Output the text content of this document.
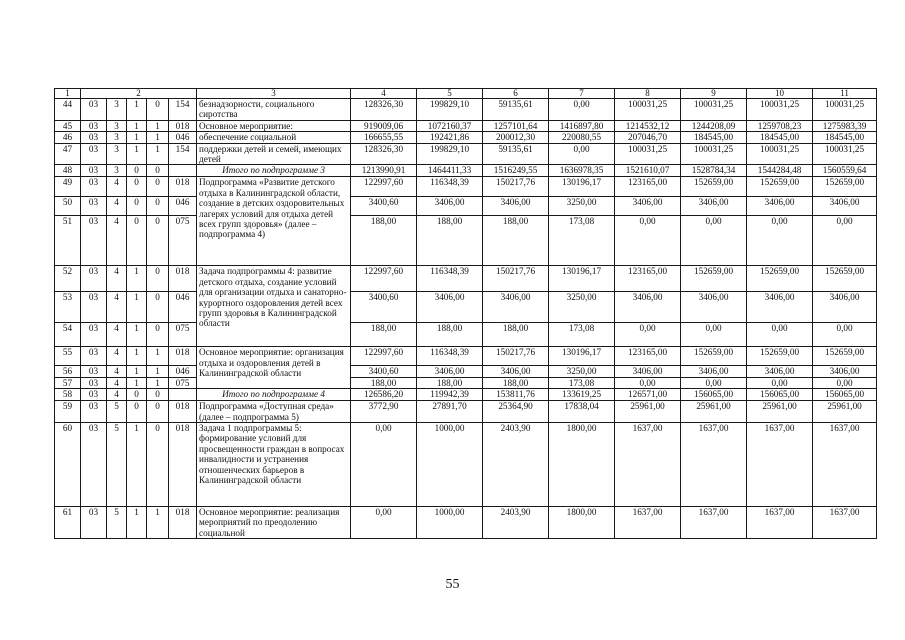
1	2					3	4	5	6	7	8	9	10	11
44	03	3	1	0	154	безнадзорности, социального сиротства	128326,30	199829,10	59135,61	0,00	100031,25	100031,25	100031,25	100031,25
45	03	3	1	1	018	Основное мероприятие:	919009,06	1072160,37	1257101,64	1416897,80	1214532,12	1244208,09	1259708,23	1275983,39
46	03	3	1	1	046	обеспечение социальной	166655,55	192421,86	200012,30	220080,55	207046,70	184545,00	184545,00	184545,00
47	03	3	1	1	154	поддержки детей и семей, имеющих детей	128326,30	199829,10	59135,61	0,00	100031,25	100031,25	100031,25	100031,25
48	03	3	0	0		Итого по подпрограмме 3	1213990,91	1464411,33	1516249,55	1636978,35	1521610,07	1528784,34	1544284,48	1560559,64
49	03	4	0	0	018	Подпрограмма «Развитие детского отдыха в Калининградской области, создание в детских оздоровительных лагерях условий для отдыха детей всех групп здоровья» (далее – подпрограмма 4)	122997,60	116348,39	150217,76	130196,17	123165,00	152659,00	152659,00	152659,00
50	03	4	0	0	046		3400,60	3406,00	3406,00	3250,00	3406,00	3406,00	3406,00	3406,00
51	03	4	0	0	075		188,00	188,00	188,00	173,08	0,00	0,00	0,00	0,00
52	03	4	1	0	018	Задача подпрограммы 4: развитие детского отдыха, создание условий для организации отдыха и санаторно-курортного оздоровления детей всех групп здоровья в Калининградской области	122997,60	116348,39	150217,76	130196,17	123165,00	152659,00	152659,00	152659,00
53	03	4	1	0	046		3400,60	3406,00	3406,00	3250,00	3406,00	3406,00	3406,00	3406,00
54	03	4	1	0	075		188,00	188,00	188,00	173,08	0,00	0,00	0,00	0,00
55	03	4	1	1	018	Основное мероприятие: организация отдыха и оздоровления детей в Калининградской области	122997,60	116348,39	150217,76	130196,17	123165,00	152659,00	152659,00	152659,00
56	03	4	1	1	046		3400,60	3406,00	3406,00	3250,00	3406,00	3406,00	3406,00	3406,00
57	03	4	1	1	075		188,00	188,00	188,00	173,08	0,00	0,00	0,00	0,00
58	03	4	0	0		Итого по подпрограмме 4	126586,20	119942,39	153811,76	133619,25	126571,00	156065,00	156065,00	156065,00
59	03	5	0	0	018	Подпрограмма «Доступная среда» (далее – подпрограмма 5)	3772,90	27891,70	25364,90	17838,04	25961,00	25961,00	25961,00	25961,00
60	03	5	1	0	018	Задача 1 подпрограммы 5: формирование условий для просвещенности граждан в вопросах инвалидности и устранения отношенческих барьеров в Калининградской области	0,00	1000,00	2403,90	1800,00	1637,00	1637,00	1637,00	1637,00
61	03	5	1	1	018	Основное мероприятие: реализация мероприятий по преодолению социальной	0,00	1000,00	2403,90	1800,00	1637,00	1637,00	1637,00	1637,00
55
